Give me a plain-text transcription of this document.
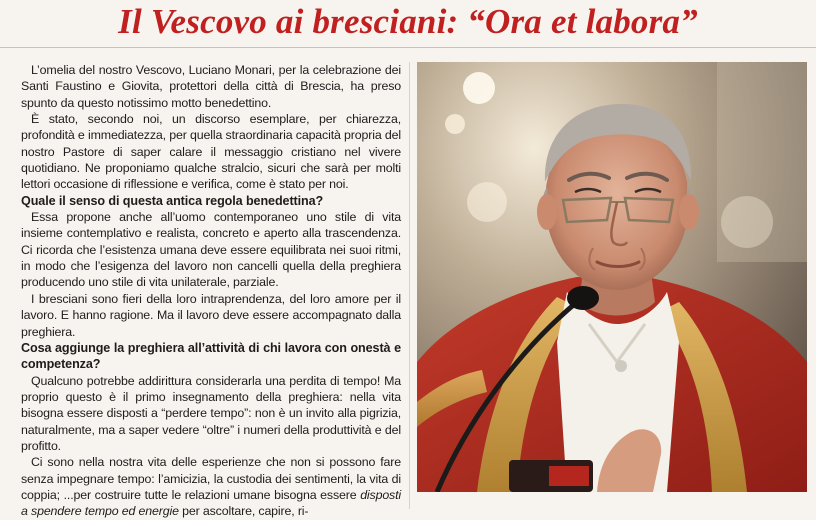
Il Vescovo ai bresciani: “Ora et labora”

L’omelia del nostro Vescovo, Luciano Monari, per la celebrazione dei Santi Faustino e Giovita, protettori della città di Brescia, ha preso spunto da questo notissimo motto benedettino.

È stato, secondo noi, un discorso esemplare, per chiarezza, profondità e immediatezza, per quella straordinaria capacità propria del nostro Pastore di saper calare il messaggio cristiano nel vivere quotidiano. Ne proponiamo qualche stralcio, sicuri che sarà per molti lettori occasione di riflessione e verifica, come è stato per noi.

Quale il senso di questa antica regola benedettina?

Essa propone anche all’uomo contemporaneo uno stile di vita insieme contemplativo e realista, concreto e aperto alla trascendenza. Ci ricorda che l’esistenza umana deve essere equilibrata nei suoi ritmi, in modo che l’esigenza del lavoro non cancelli quella della preghiera producendo uno stile di vita unilaterale, parziale.

I bresciani sono fieri della loro intraprendenza, del loro amore per il lavoro. E hanno ragione. Ma il lavoro deve essere accompagnato dalla preghiera.

Cosa aggiunge la preghiera all’attività di chi lavora con onestà e competenza?

Qualcuno potrebbe addirittura considerarla una perdita di tempo! Ma proprio questo è il primo insegnamento della preghiera: nella vita bisogna essere disposti a “perdere tempo”: non è un invito alla pigrizia, naturalmente, ma a saper vedere “oltre” i numeri della produttività e del profitto.

Ci sono nella nostra vita delle esperienze che non si possono fare senza impegnare tempo: l’amicizia, la custodia dei sentimenti, la vita di coppia; ...per costruire tutte le relazioni umane bisogna essere disposti a spendere tempo ed energie per ascoltare, capire, ri-
